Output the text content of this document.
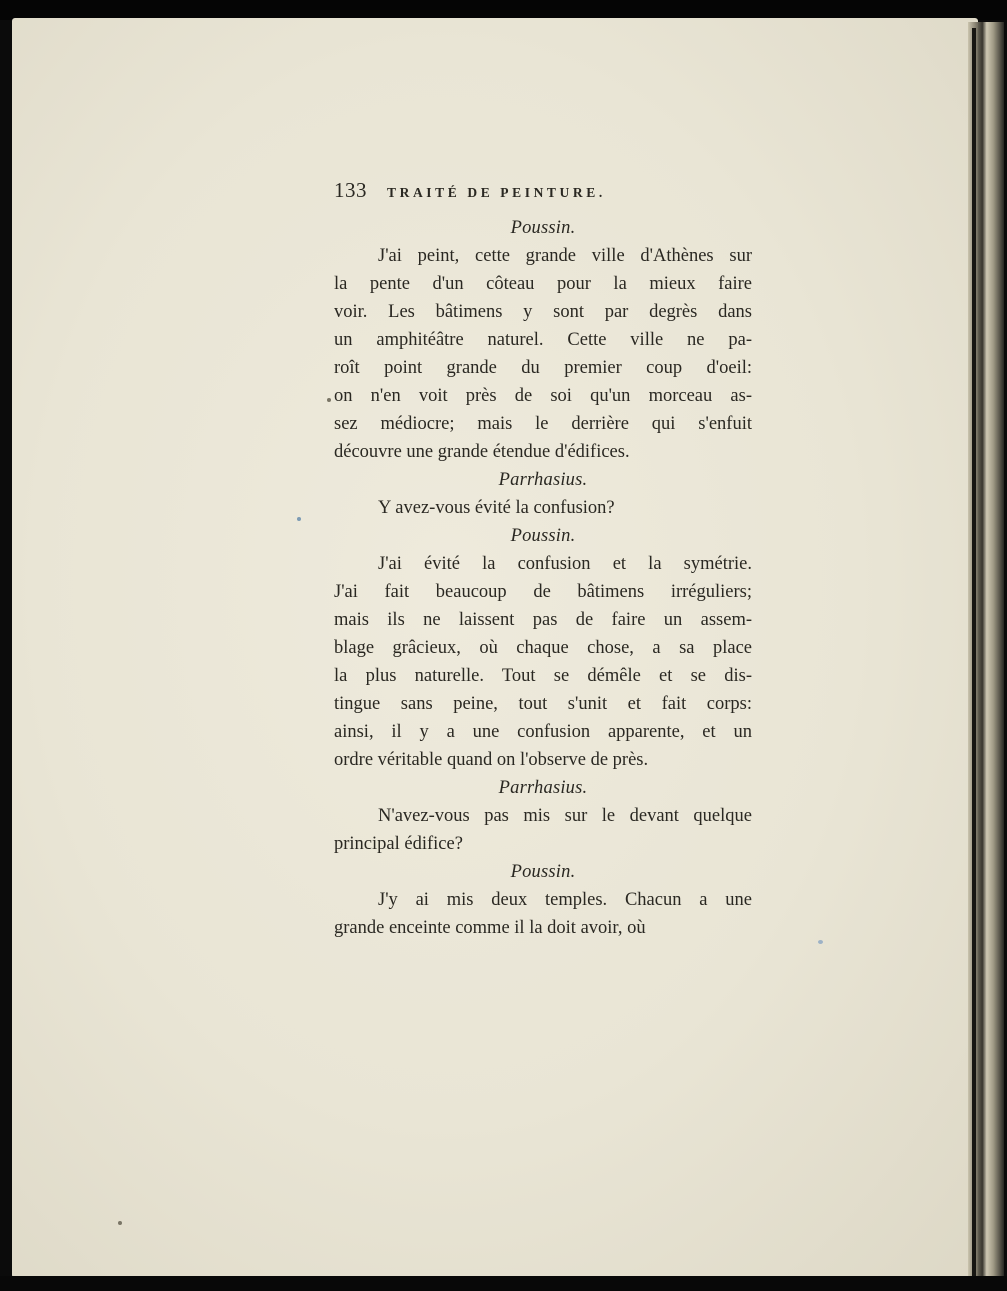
133 TRAITÉ DE PEINTURE.
Poussin.
J'ai peint, cette grande ville d'Athènes sur
la pente d'un côteau pour la mieux faire
voir. Les bâtimens y sont par degrès dans
un amphitéâtre naturel. Cette ville ne pa-
roît point grande du premier coup d'oeil:
on n'en voit près de soi qu'un morceau as-
sez médiocre; mais le derrière qui s'enfuit
découvre une grande étendue d'édifices.
Parrhasius.
Y avez-vous évité la confusion?
Poussin.
J'ai évité la confusion et la symétrie.
J'ai fait beaucoup de bâtimens irréguliers;
mais ils ne laissent pas de faire un assem-
blage grâcieux, où chaque chose, a sa place
la plus naturelle. Tout se démêle et se dis-
tingue sans peine, tout s'unit et fait corps:
ainsi, il y a une confusion apparente, et un
ordre véritable quand on l'observe de près.
Parrhasius.
N'avez-vous pas mis sur le devant quelque
principal édifice?
Poussin.
J'y ai mis deux temples. Chacun a une
grande enceinte comme il la doit avoir, où
